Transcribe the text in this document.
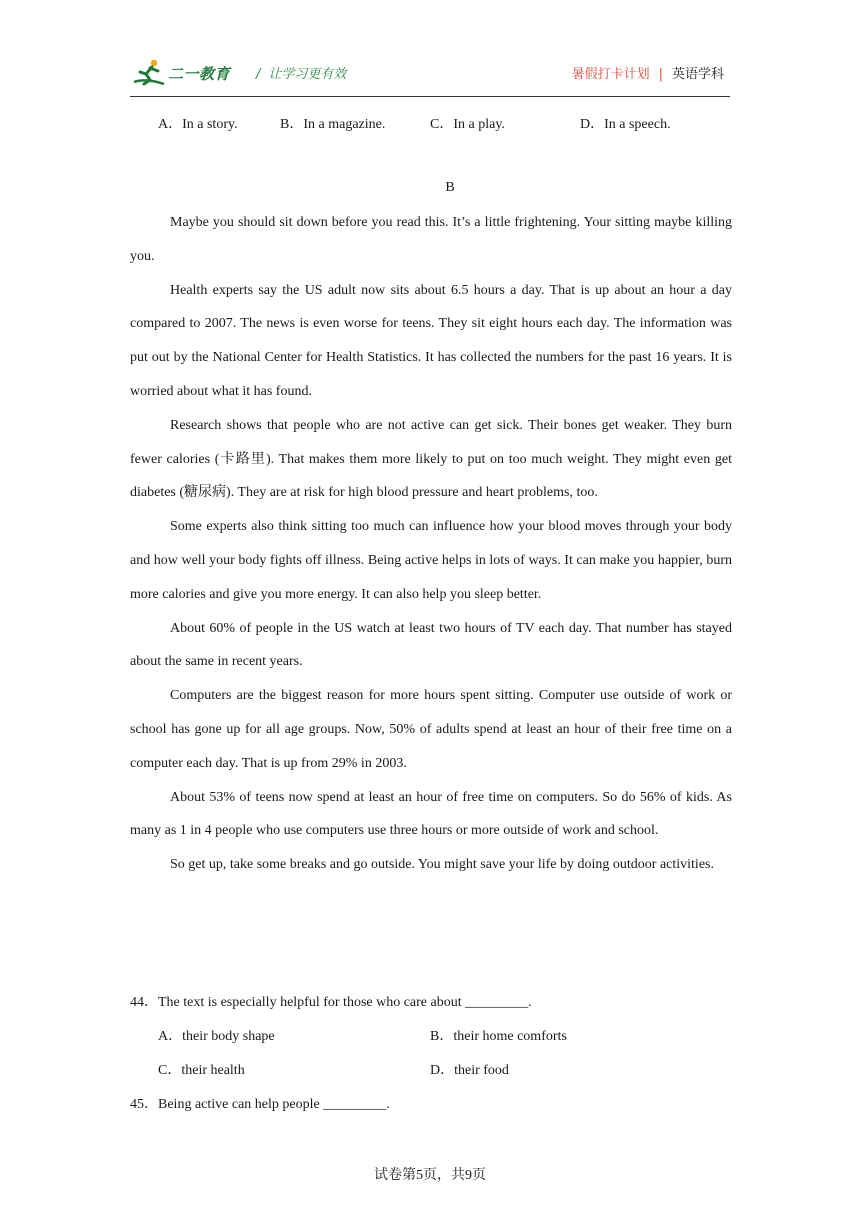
二一教育 / 让学习更有效	暑假打卡计划 | 英语学科
A．In a story.	B．In a magazine.	C．In a play.	D．In a speech.
B

Maybe you should sit down before you read this. It’s a little frightening. Your sitting maybe killing you.

Health experts say the US adult now sits about 6.5 hours a day. That is up about an hour a day compared to 2007. The news is even worse for teens. They sit eight hours each day. The information was put out by the National Center for Health Statistics. It has collected the numbers for the past 16 years. It is worried about what it has found.

Research shows that people who are not active can get sick. Their bones get weaker. They burn fewer calories (卡路里). That makes them more likely to put on too much weight. They might even get diabetes (糖尿病). They are at risk for high blood pressure and heart problems, too.

Some experts also think sitting too much can influence how your blood moves through your body and how well your body fights off illness. Being active helps in lots of ways. It can make you happier, burn more calories and give you more energy. It can also help you sleep better.

About 60% of people in the US watch at least two hours of TV each day. That number has stayed about the same in recent years.

Computers are the biggest reason for more hours spent sitting. Computer use outside of work or school has gone up for all age groups. Now, 50% of adults spend at least an hour of their free time on a computer each day. That is up from 29% in 2003.

About 53% of teens now spend at least an hour of free time on computers. So do 56% of kids. As many as 1 in 4 people who use computers use three hours or more outside of work and school.

So get up, take some breaks and go outside. You might save your life by doing outdoor activities.

44．The text is especially helpful for those who care about _________.
A．their body shape	B．their home comforts
C．their health	D．their food
45．Being active can help people _________.
试卷第5页，共9页
